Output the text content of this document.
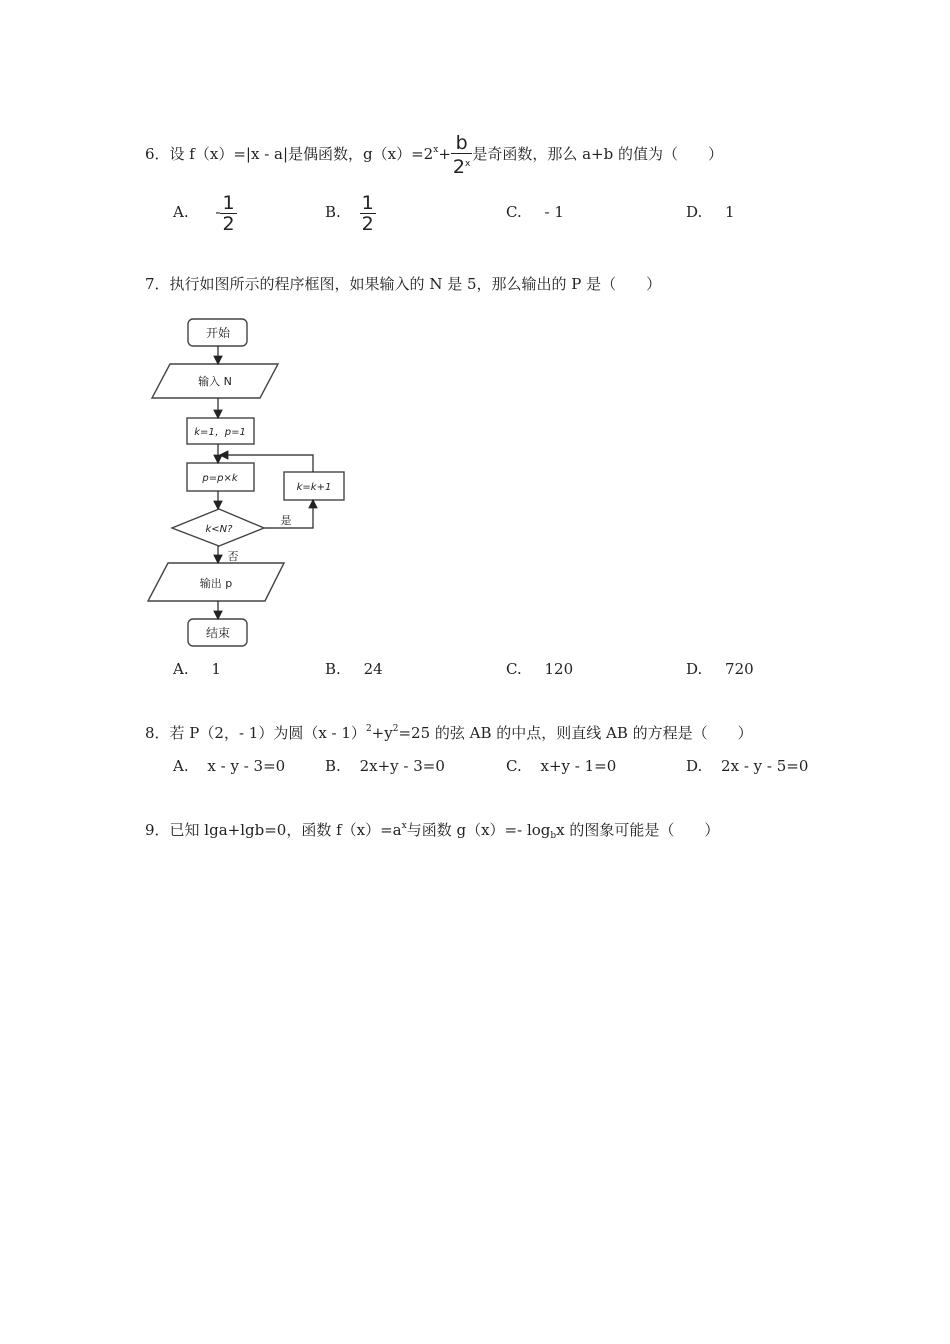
6．设 f（x）=|x - a|是偶函数，$g(x)=2^x+ \frac{b}{2^x}$ 是奇函数，那么 a+b 的值为（　　）
A. - $\frac{1}{2}$	B. $\frac{1}{2}$	C. - 1	D. 1
7．执行如图所示的程序框图，如果输入的 N 是 5，那么输出的 P 是（　　）
开始
输入 N
k=1，p=1
p=p×k
k=k+1
k<N?
是
否
输出 p
结束
A. 1	B. 24	C. 120	D. 720
8．若 P（2，- 1）为圆$(x - 1)^2+y^2=25$ 的弦 AB 的中点，则直线 AB 的方程是（　　）
A. x - y - 3=0	B. 2x+y - 3=0	C. x+y - 1=0	D. 2x - y - 5=0
9．已知 lga+lgb=0，函数 $f(x)=a^x$与函数 g（x）=- $\log_bx$ 的图象可能是（　　）
